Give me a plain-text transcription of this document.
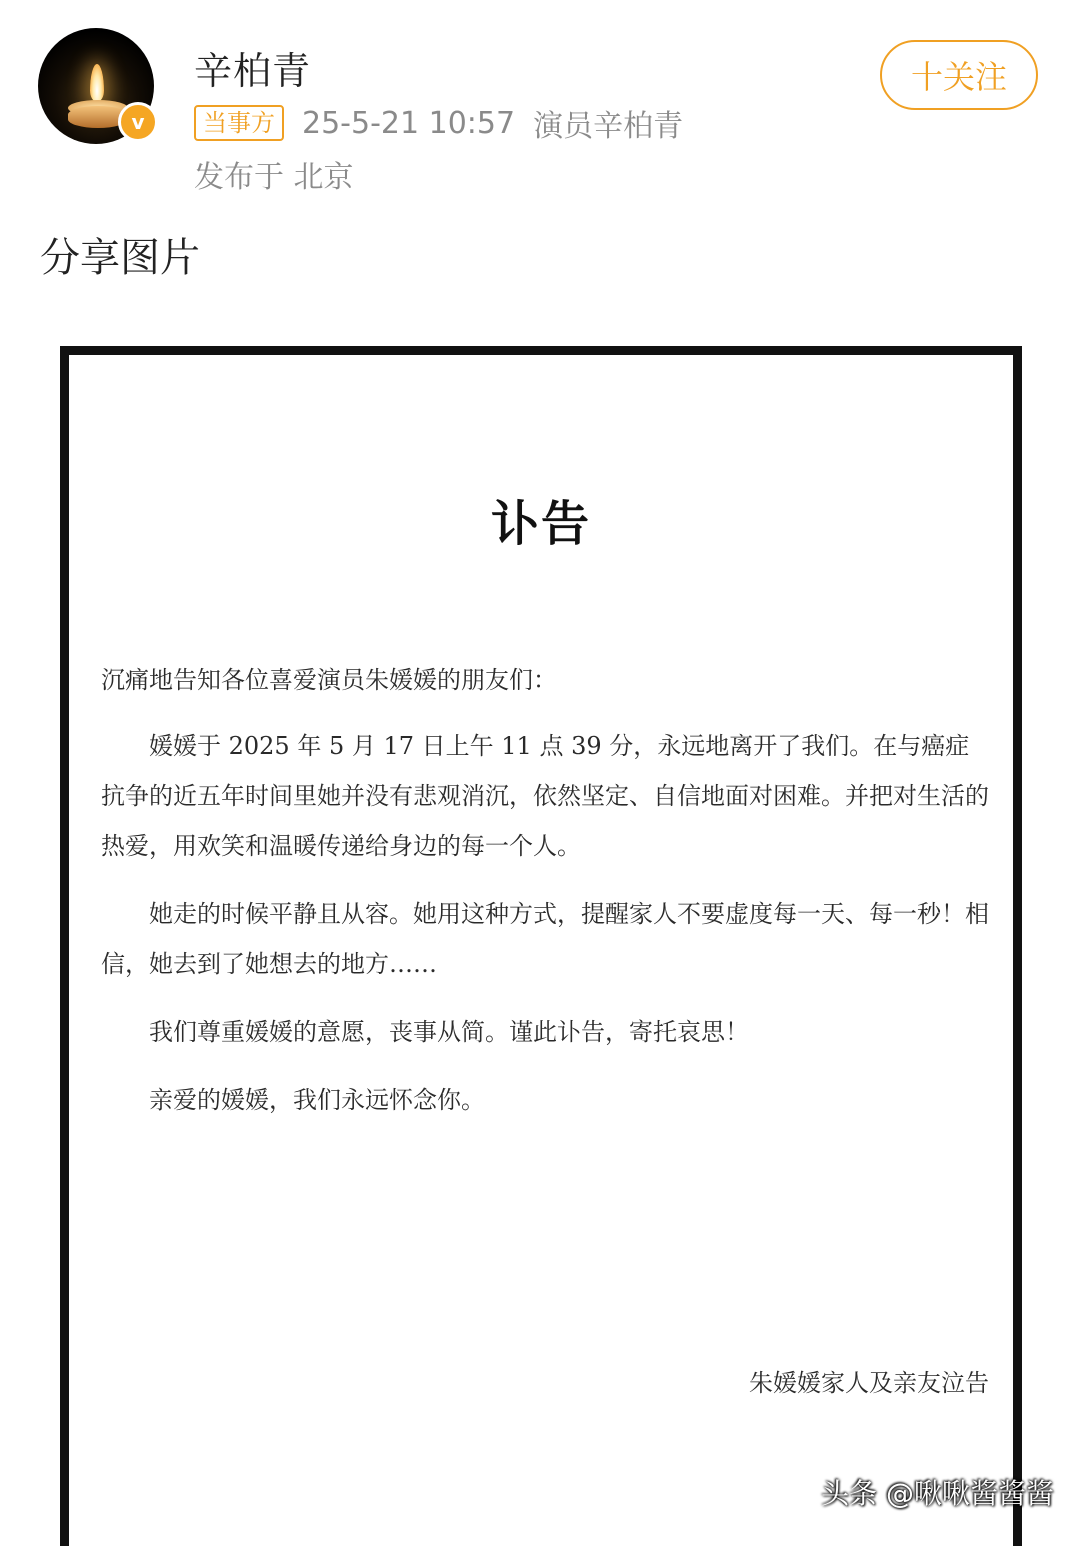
v
辛柏青
当事方 25-5-21 10:57 演员辛柏青
发布于 北京
十关注
分享图片
讣告

沉痛地告知各位喜爱演员朱媛媛的朋友们：

媛媛于 2025 年 5 月 17 日上午 11 点 39 分，永远地离开了我们。在与癌症抗争的近五年时间里她并没有悲观消沉，依然坚定、自信地面对困难。并把对生活的热爱，用欢笑和温暖传递给身边的每一个人。

她走的时候平静且从容。她用这种方式，提醒家人不要虚度每一天、每一秒！相信，她去到了她想去的地方……

我们尊重媛媛的意愿，丧事从简。谨此讣告，寄托哀思！

亲爱的媛媛，我们永远怀念你。

朱媛媛家人及亲友泣告
头条 @啾啾酱酱酱
